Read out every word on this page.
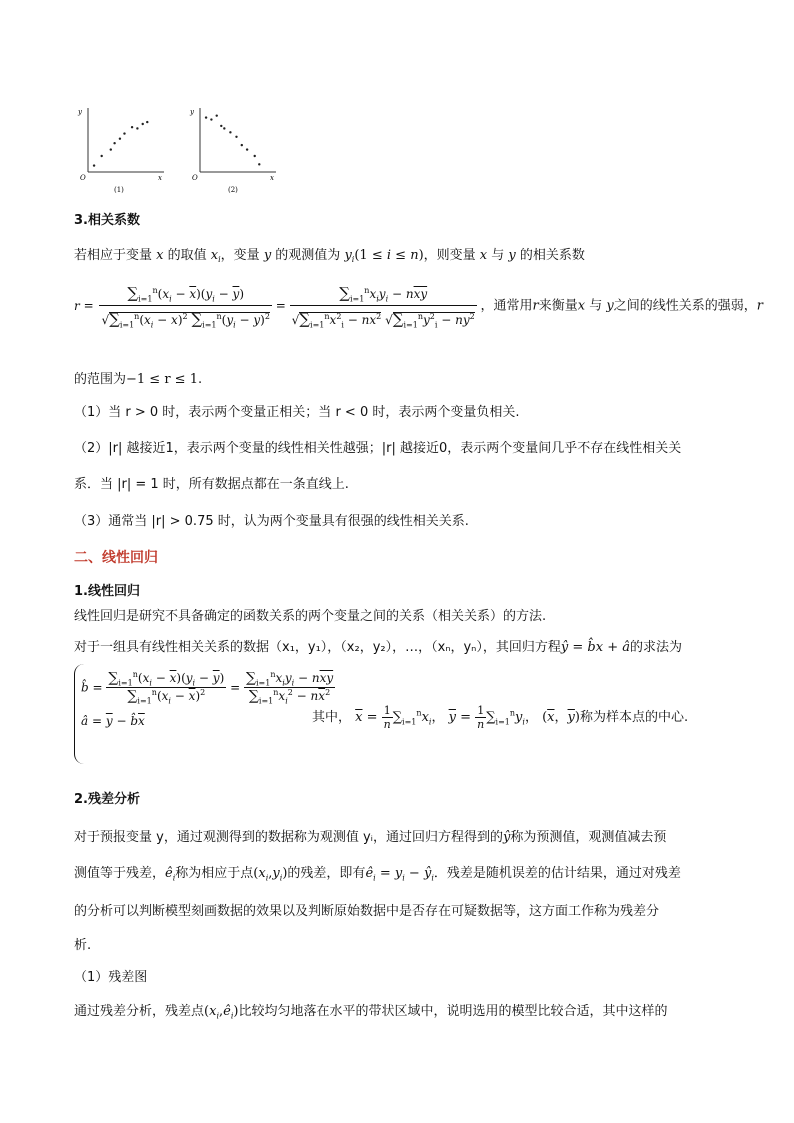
y
x
O
(1)
y
x
O
(2)
3.相关系数
若相应于变量 x 的取值 $x_i$，变量 y 的观测值为 $y_i(1 \le i \le n)$，则变量 x 与 y 的相关系数
$r = \frac{\sum_{i=1}^n(x_i - \overline{x})(y_i - \overline{y})}{√\sum_{i=1}^n(x_i - \overline{x})^2 \sum_{i=1}^n(y_i - \overline{y})^2} = \frac{\sum_{i=1}^nx_iy_i - n\overline{xy}}{√\sum_{i=1}^nx^2_i - n\overline{x}^2 √\sum_{i=1}^ny^2_i - n\overline{y}^2}$ ，通常用r来衡量x 与 y之间的线性关系的强弱，r
的范围为−1 ≤ r ≤ 1.
（1）当 r > 0 时，表示两个变量正相关；当 r < 0 时，表示两个变量负相关.
（2）|r| 越接近1，表示两个变量的线性相关性越强；|r| 越接近0，表示两个变量间几乎不存在线性相关关
系．当 |r| = 1 时，所有数据点都在一条直线上.
（3）通常当 |r| > 0.75 时，认为两个变量具有很强的线性相关关系.
二、线性回归
1.线性回归
线性回归是研究不具备确定的函数关系的两个变量之间的关系（相关关系）的方法.
对于一组具有线性相关关系的数据（x₁，y₁），（x₂，y₂），…，（xₙ，yₙ），其回归方程ŷ = b̂x + â的求法为
b̂ = $\frac{\sum_{i=1}^n(x_i - \overline{x})(y_i - \overline{y})}{\sum_{i=1}^n(x_i - \overline{x})^2} = \frac{\sum_{i=1}^nx_iy_i - n\overline{xy}}{\sum_{i=1}^nx_i^2 - n\overline{x}^2}$
â = $\overline{y}$ − $b̂\overline{x}$	其中， $\overline{x} = \frac{1}{n} \sum_{i=1}^nx_i$， $\overline{y} = \frac{1}{n} \sum_{i=1}^ny_i$， ($\overline{x}$，$\overline{y}$)称为样本点的中心.
2.残差分析
对于预报变量 y，通过观测得到的数据称为观测值 yᵢ，通过回归方程得到的ŷ称为预测值，观测值减去预
测值等于残差，$ê_i$称为相应于点$(x_i,y_i)$的残差，即有$ê_i = y_i$ − $ŷ_i$．残差是随机误差的估计结果，通过对残差
的分析可以判断模型刻画数据的效果以及判断原始数据中是否存在可疑数据等，这方面工作称为残差分
析.
（1）残差图
通过残差分析，残差点$(x_i,ê_i)$比较均匀地落在水平的带状区域中，说明选用的模型比较合适，其中这样的
